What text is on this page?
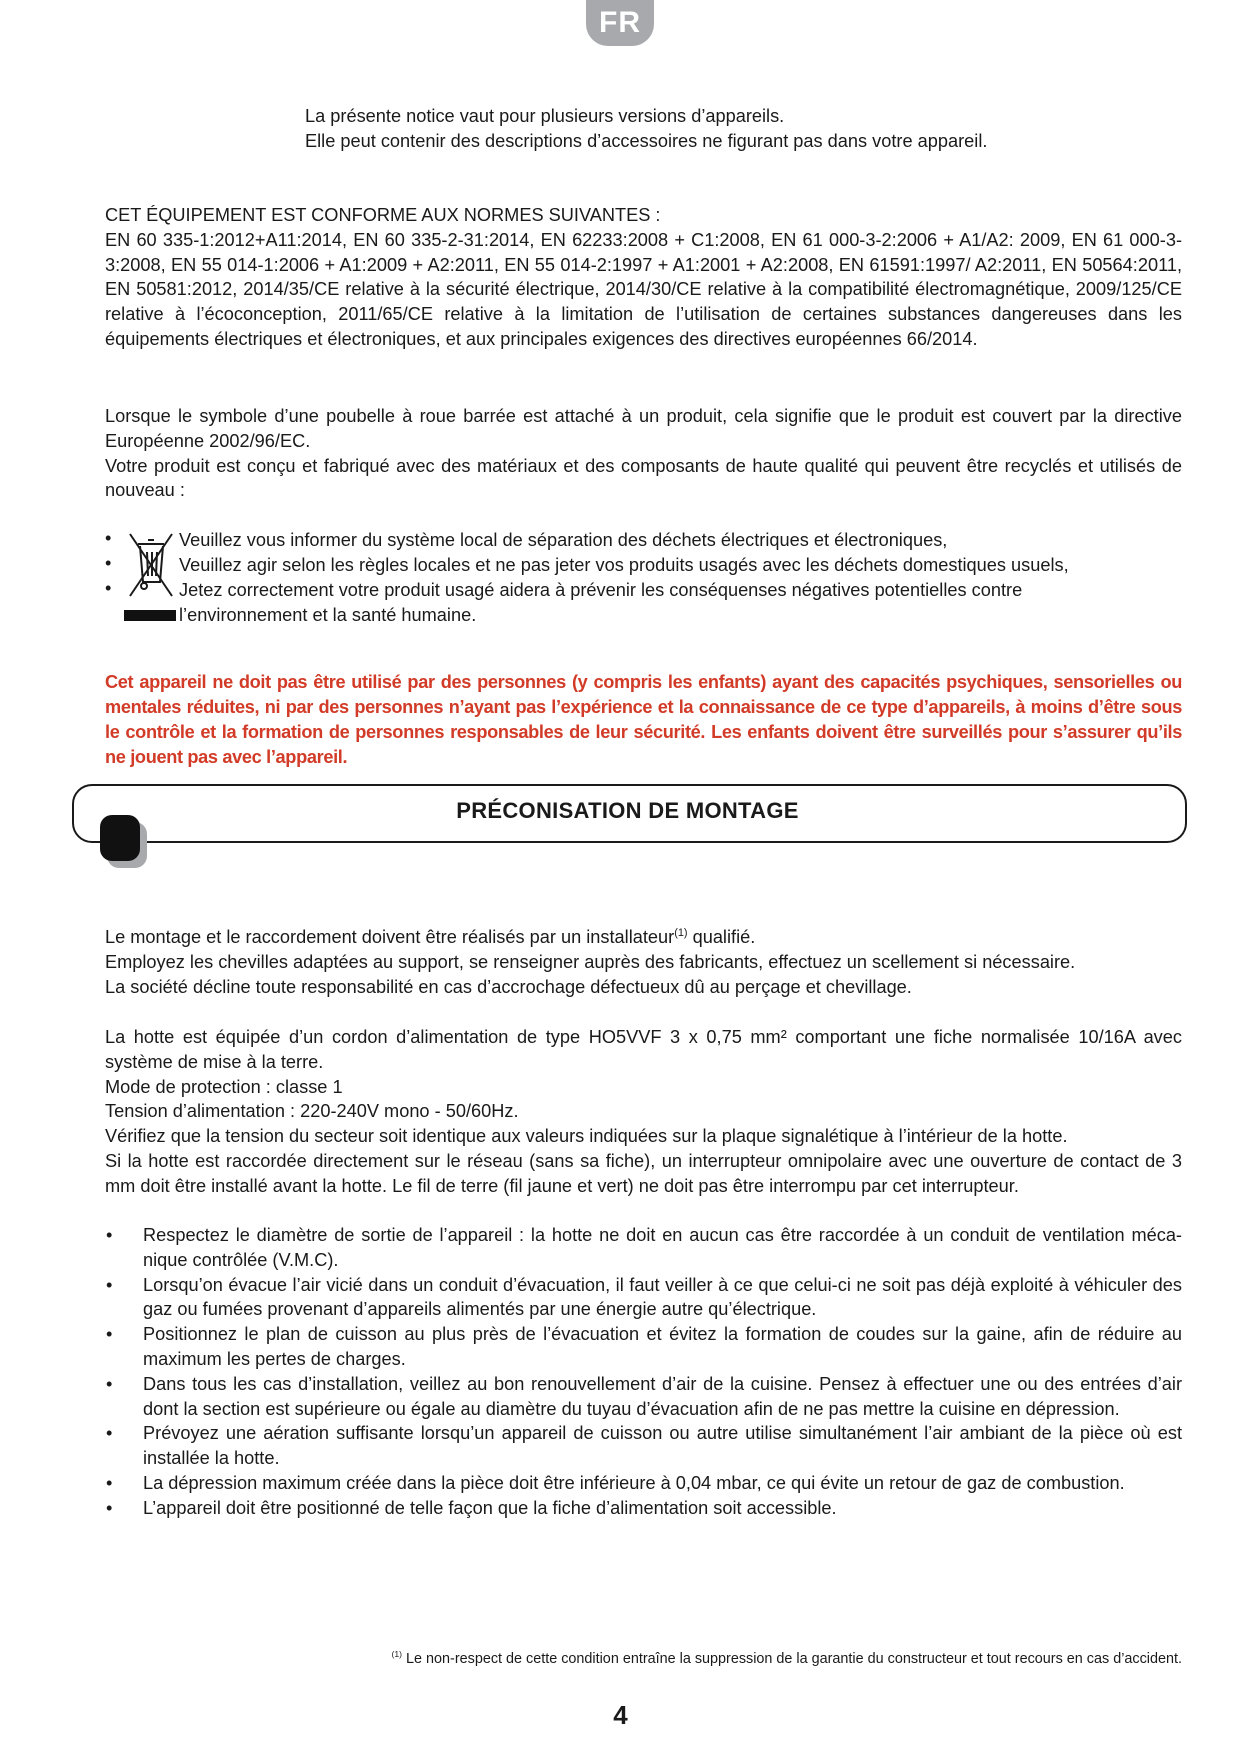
FR

La présente notice vaut pour plusieurs versions d’appareils.
Elle peut contenir des descriptions d’accessoires ne figurant pas dans votre appareil.

CET ÉQUIPEMENT EST CONFORME AUX NORMES SUIVANTES :
EN 60 335-1:2012+A11:2014, EN 60 335-2-31:2014, EN 62233:2008 + C1:2008, EN 61 000-3-2:2006 + A1/A2: 2009, EN 61 000-3-3:2008, EN 55 014-1:2006 + A1:2009 + A2:2011, EN 55 014-2:1997 + A1:2001 + A2:2008, EN 61591:1997/ A2:2011, EN 50564:2011, EN 50581:2012, 2014/35/CE relative à la sécurité électrique, 2014/30/CE relative à la compatibilité électromagnétique, 2009/125/CE relative à l’écoconception, 2011/65/CE relative à la limitation de l’utilisation de certaines substances dangereuses dans les équipements électriques et électroniques, et aux principales exigences des directives européennes 66/2014.

Lorsque le symbole d’une poubelle à roue barrée est attaché à un produit, cela signifie que le produit est couvert par la directive Européenne 2002/96/EC.
Votre produit est conçu et fabriqué avec des matériaux et des composants de haute qualité qui peuvent être recyclés et utilisés de nouveau :

•
•
•
Veuillez vous informer du système local de séparation des déchets électriques et électroniques,
Veuillez agir selon les règles locales et ne pas jeter vos produits usagés avec les déchets domestiques usuels,
Jetez correctement votre produit usagé aidera à prévenir les conséquenses négatives potentielles contre
l’environnement et la santé humaine.

Cet appareil ne doit pas être utilisé par des personnes (y compris les enfants) ayant des capacités psychiques, sensorielles ou mentales réduites, ni par des personnes n’ayant pas l’expérience et la connaissance de ce type d’appareils, à moins d’être sous le contrôle et la formation de personnes responsables de leur sécurité. Les enfants doivent être surveillés pour s’assurer qu’ils ne jouent pas avec l’appareil.

PRÉCONISATION DE MONTAGE

Le montage et le raccordement doivent être réalisés par un installateur$^{(1)}$ qualifié.
Employez les chevilles adaptées au support, se renseigner auprès des fabricants, effectuez un scellement si nécessaire.
La société décline toute responsabilité en cas d’accrochage défectueux dû au perçage et chevillage.

La hotte est équipée d’un cordon d’alimentation de type HO5VVF 3 x 0,75 mm² comportant une fiche normalisée 10/16A avec système de mise à la terre.
Mode de protection : classe 1
Tension d’alimentation : 220-240V mono - 50/60Hz.
Vérifiez que la tension du secteur soit identique aux valeurs indiquées sur la plaque signalétique à l’intérieur de la hotte.
Si la hotte est raccordée directement sur le réseau (sans sa fiche), un interrupteur omnipolaire avec une ouverture de contact de 3 mm doit être installé avant la hotte. Le fil de terre (fil jaune et vert) ne doit pas être interrompu par cet interrupteur.
• Respectez le diamètre de sortie de l’appareil : la hotte ne doit en aucun cas être raccordée à un conduit de ventilation méca-nique contrôlée (V.M.C).
• Lorsqu’on évacue l’air vicié dans un conduit d’évacuation, il faut veiller à ce que celui-ci ne soit pas déjà exploité à véhiculer des gaz ou fumées provenant d’appareils alimentés par une énergie autre qu’électrique.
• Positionnez le plan de cuisson au plus près de l’évacuation et évitez la formation de coudes sur la gaine, afin de réduire au maximum les pertes de charges.
• Dans tous les cas d’installation, veillez au bon renouvellement d’air de la cuisine. Pensez à effectuer une ou des entrées d’air dont la section est supérieure ou égale au diamètre du tuyau d’évacuation afin de ne pas mettre la cuisine en dépression.
• Prévoyez une aération suffisante lorsqu’un appareil de cuisson ou autre utilise simultanément l’air ambiant de la pièce où est installée la hotte.
• La dépression maximum créée dans la pièce doit être inférieure à 0,04 mbar, ce qui évite un retour de gaz de combustion.
• L’appareil doit être positionné de telle façon que la fiche d’alimentation soit accessible.
$^{(1)}$ Le non-respect de cette condition entraîne la suppression de la garantie du constructeur et tout recours en cas d’accident.
4
